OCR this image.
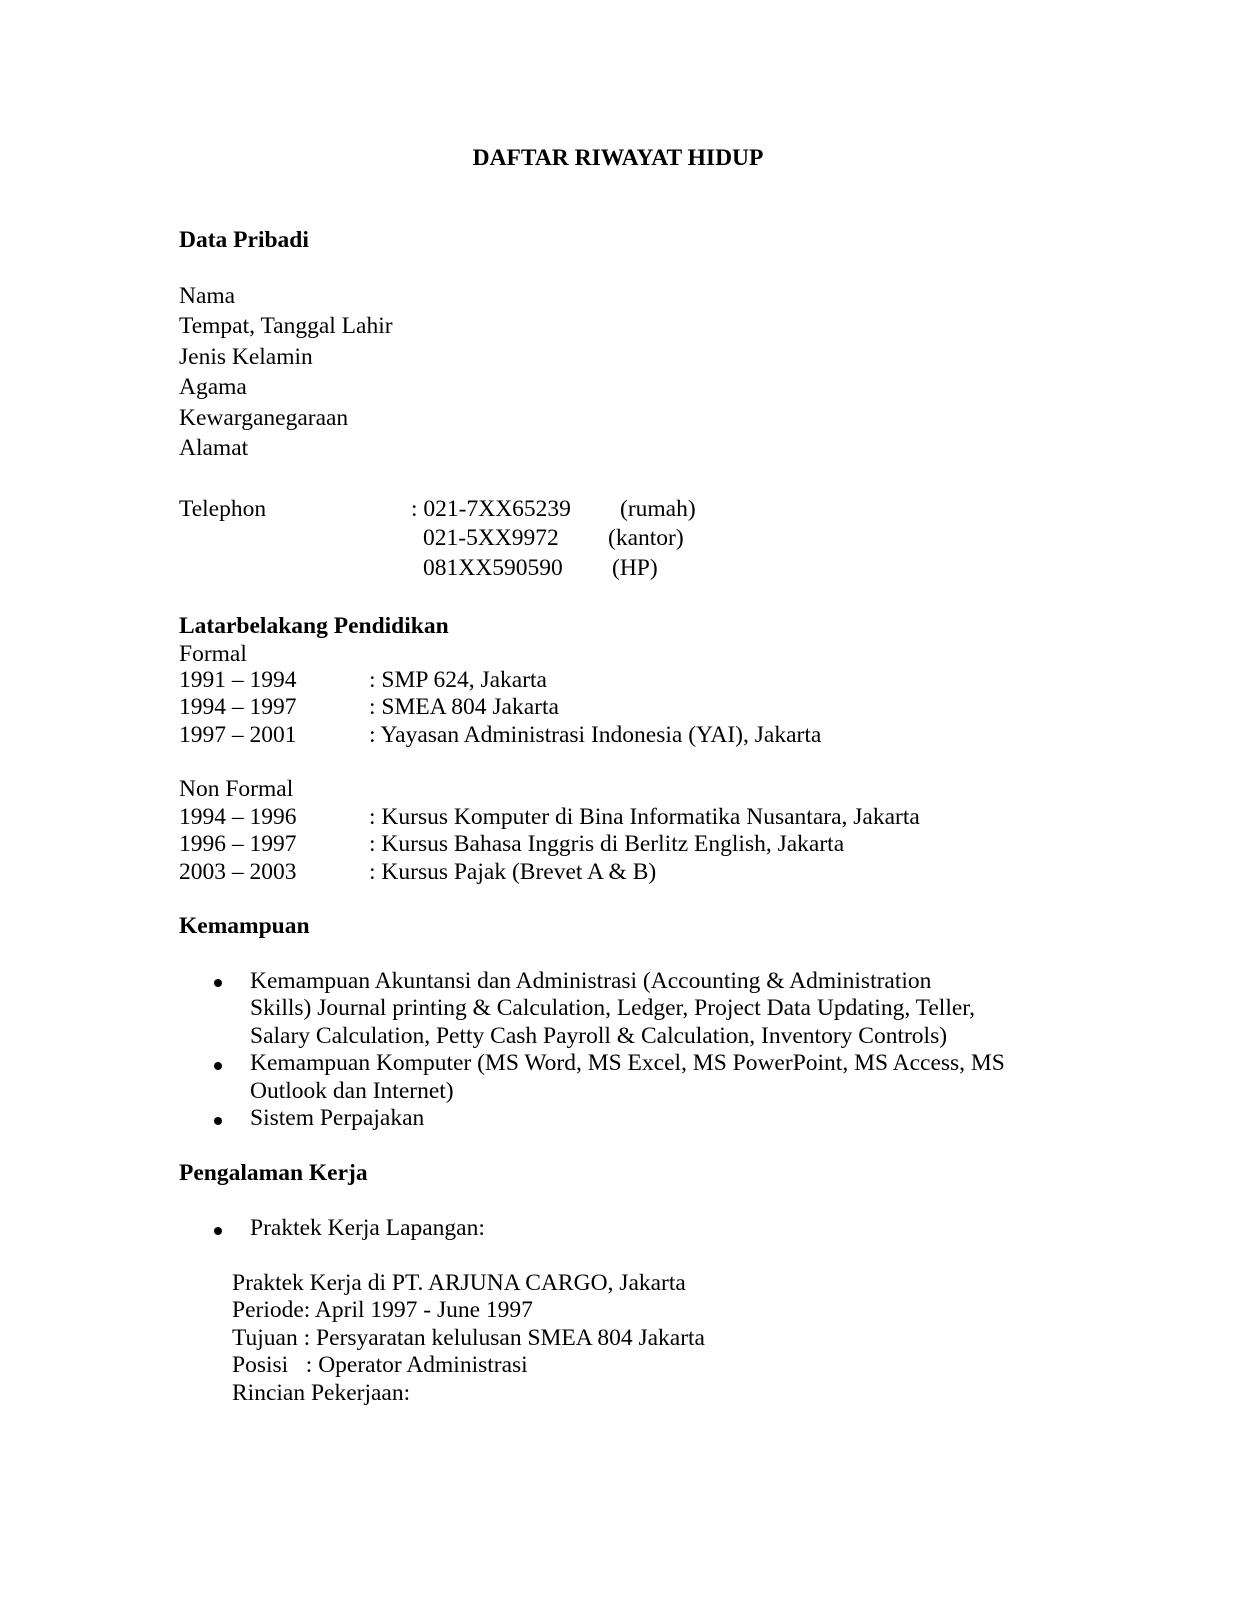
DAFTAR RIWAYAT HIDUP
Data Pribadi
Nama
Tempat, Tanggal Lahir
Jenis Kelamin
Agama
Kewarganegaraan
Alamat
Telephon	: 021-7XX65239 (rumah)
021-5XX9972 (kantor)
081XX590590 (HP)
Latarbelakang Pendidikan
Formal
1991 – 1994	: SMP 624, Jakarta
1994 – 1997	: SMEA 804 Jakarta
1997 – 2001	: Yayasan Administrasi Indonesia (YAI), Jakarta
Non Formal
1994 – 1996	: Kursus Komputer di Bina Informatika Nusantara, Jakarta
1996 – 1997	: Kursus Bahasa Inggris di Berlitz English, Jakarta
2003 – 2003	: Kursus Pajak (Brevet A & B)
Kemampuan
Kemampuan Akuntansi dan Administrasi (Accounting & Administration
Skills) Journal printing & Calculation, Ledger, Project Data Updating, Teller,
Salary Calculation, Petty Cash Payroll & Calculation, Inventory Controls)
Kemampuan Komputer (MS Word, MS Excel, MS PowerPoint, MS Access, MS
Outlook dan Internet)
Sistem Perpajakan
Pengalaman Kerja
Praktek Kerja Lapangan:
Praktek Kerja di PT. ARJUNA CARGO, Jakarta
Periode: April 1997 - June 1997
Tujuan : Persyaratan kelulusan SMEA 804 Jakarta
Posisi   : Operator Administrasi
Rincian Pekerjaan:
